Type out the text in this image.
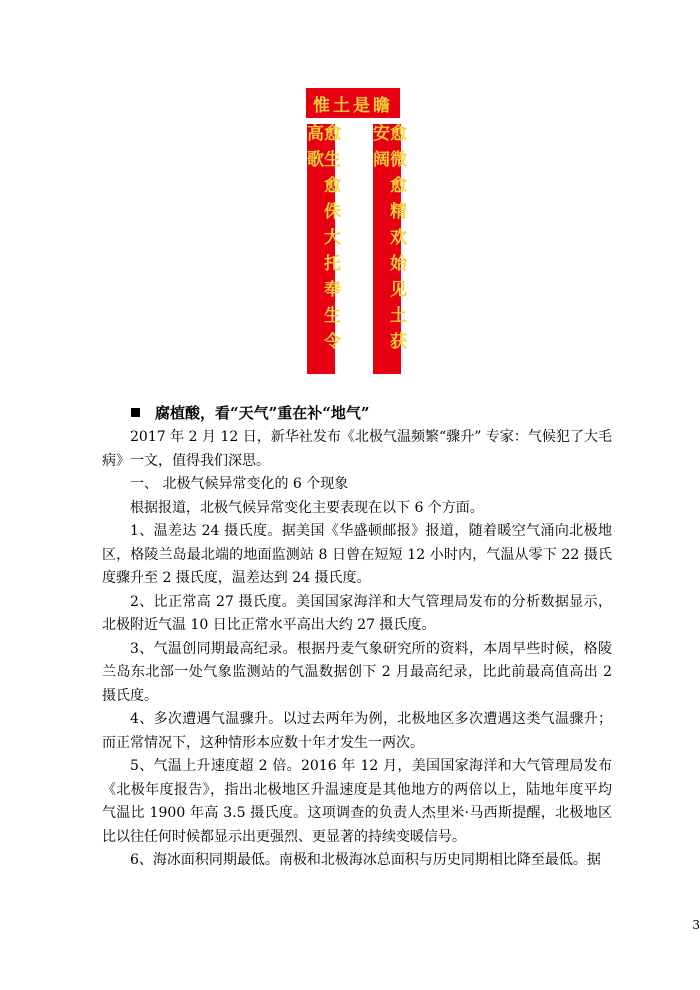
惟土是瞻
愈生愈侏大托奉生令高歌	愈微愈精欢始见土获安阔
腐植酸，看“天气”重在补“地气”

2017 年 2 月 12 日，新华社发布《北极气温频繁“骤升” 专家：气候犯了大毛病》一文，值得我们深思。

一、 北极气候异常变化的 6 个现象

根据报道，北极气候异常变化主要表现在以下 6 个方面。

1、温差达 24 摄氏度。据美国《华盛顿邮报》报道，随着暖空气涌向北极地区，格陵兰岛最北端的地面监测站 8 日曾在短短 12 小时内，气温从零下 22 摄氏度骤升至 2 摄氏度，温差达到 24 摄氏度。

2、比正常高 27 摄氏度。美国国家海洋和大气管理局发布的分析数据显示，北极附近气温 10 日比正常水平高出大约 27 摄氏度。

3、气温创同期最高纪录。根据丹麦气象研究所的资料，本周早些时候，格陵兰岛东北部一处气象监测站的气温数据创下 2 月最高纪录，比此前最高值高出 2 摄氏度。

4、多次遭遇气温骤升。以过去两年为例，北极地区多次遭遇这类气温骤升；而正常情况下，这种情形本应数十年才发生一两次。

5、气温上升速度超 2 倍。2016 年 12 月，美国国家海洋和大气管理局发布《北极年度报告》，指出北极地区升温速度是其他地方的两倍以上，陆地年度平均气温比 1900 年高 3.5 摄氏度。这项调查的负责人杰里米·马西斯提醒，北极地区比以往任何时候都显示出更强烈、更显著的持续变暖信号。

6、海冰面积同期最低。南极和北极海冰总面积与历史同期相比降至最低。据

3
